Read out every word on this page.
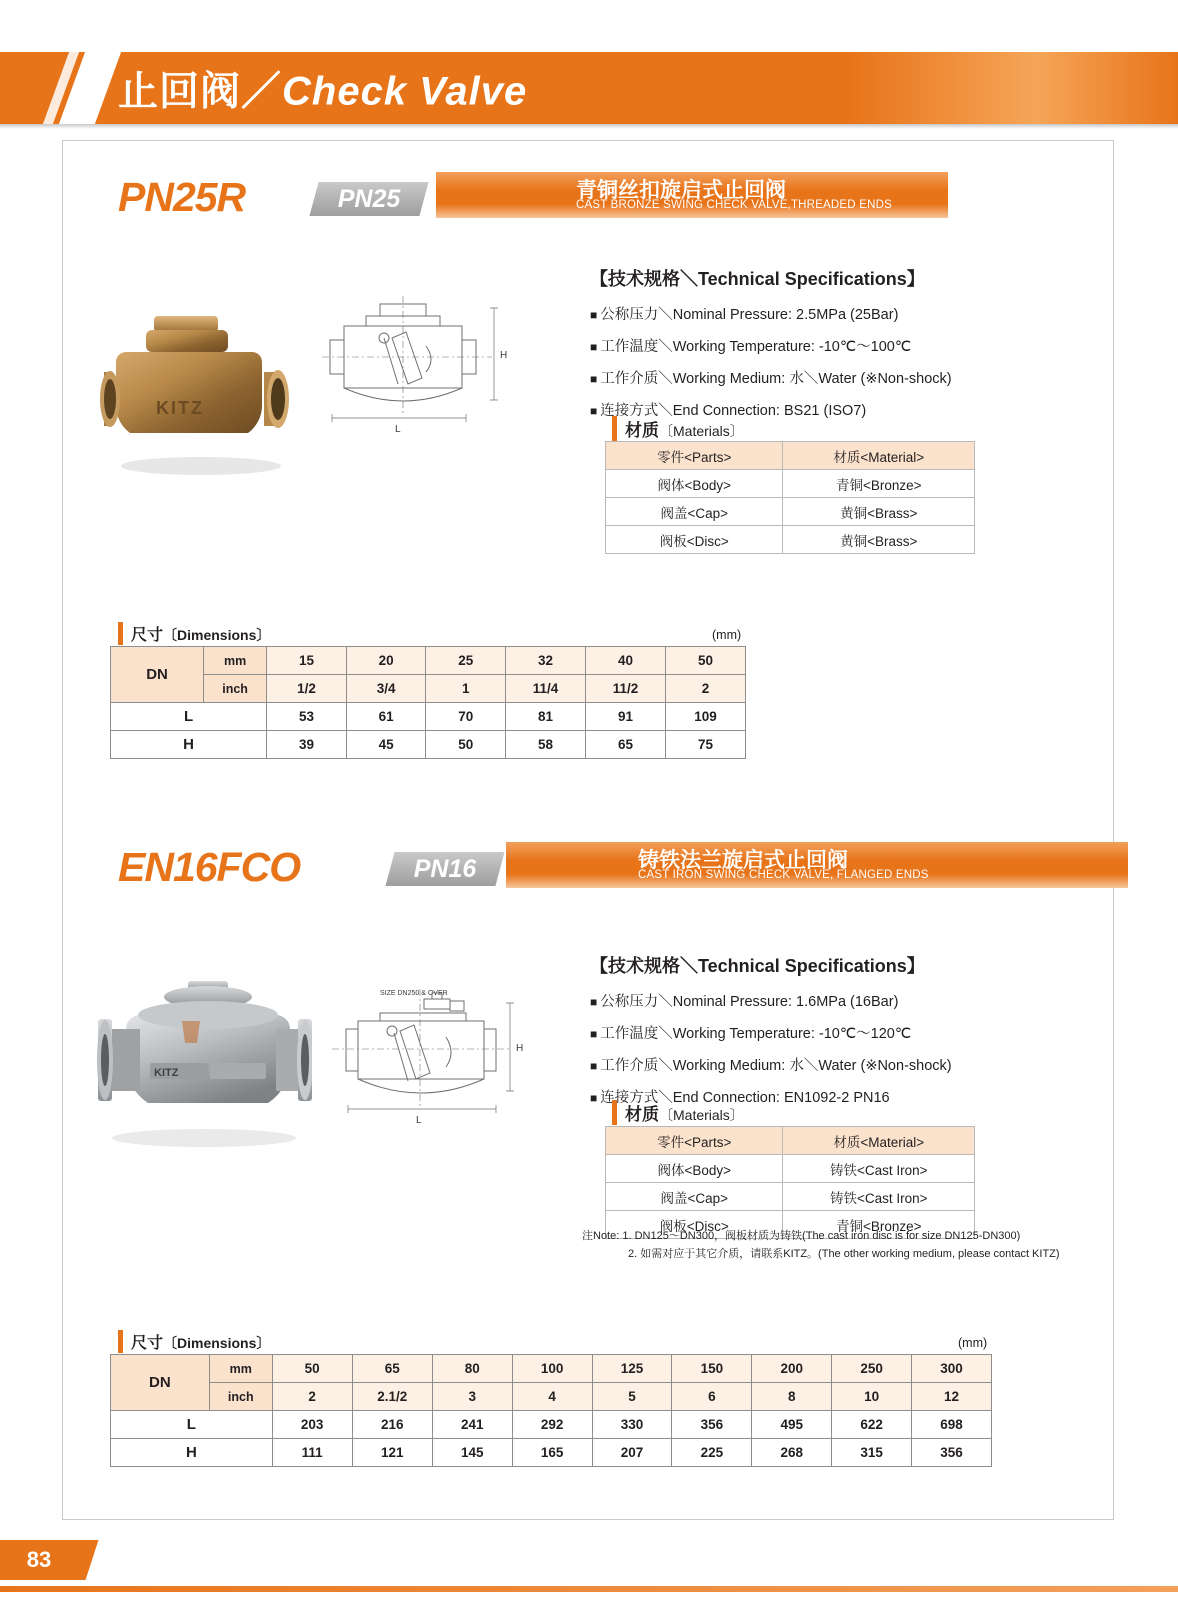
止回阀／Check Valve
青铜丝扣旋启式止回阀
CAST BRONZE SWING CHECK VALVE,THREADED ENDS
PN25
PN25R
KITZ
H
L
【技术规格＼Technical Specifications】

■ 公称压力＼Nominal Pressure: 2.5MPa (25Bar)

■ 工作温度＼Working Temperature: -10℃～100℃

■ 工作介质＼Working Medium: 水＼Water (※Non-shock)

■ 连接方式＼End Connection: BS21 (ISO7)

材质〔Materials〕
零件<Parts>	材质<Material>
阀体<Body>	青铜<Bronze>
阀盖<Cap>	黄铜<Brass>
阀板<Disc>	黄铜<Brass>
尺寸〔Dimensions〕	(mm)
DN	mm	15	20	25	32	40	50
	inch	1/2	3/4	1	11/4	11/2	2
L		53	61	70	81	91	109
H		39	45	50	58	65	75
铸铁法兰旋启式止回阀
CAST IRON SWING CHECK VALVE, FLANGED ENDS
PN16
EN16FCO
KITZ
SIZE DN250 & OVER
H
L
【技术规格＼Technical Specifications】

■ 公称压力＼Nominal Pressure: 1.6MPa (16Bar)

■ 工作温度＼Working Temperature: -10℃～120℃

■ 工作介质＼Working Medium: 水＼Water (※Non-shock)

■ 连接方式＼End Connection: EN1092-2 PN16

材质〔Materials〕
零件<Parts>	材质<Material>
阀体<Body>	铸铁<Cast Iron>
阀盖<Cap>	铸铁<Cast Iron>
阀板<Disc>	青铜<Bronze>
注Note: 1. DN125～DN300，阀板材质为铸铁(The cast iron disc is for size DN125-DN300)
2. 如需对应于其它介质，请联系KITZ。(The other working medium, please contact KITZ)
尺寸〔Dimensions〕	(mm)
DN	mm	50	65	80	100	125	150	200	250	300
	inch	2	2.1/2	3	4	5	6	8	10	12
L		203	216	241	292	330	356	495	622	698
H		111	121	145	165	207	225	268	315	356
83
